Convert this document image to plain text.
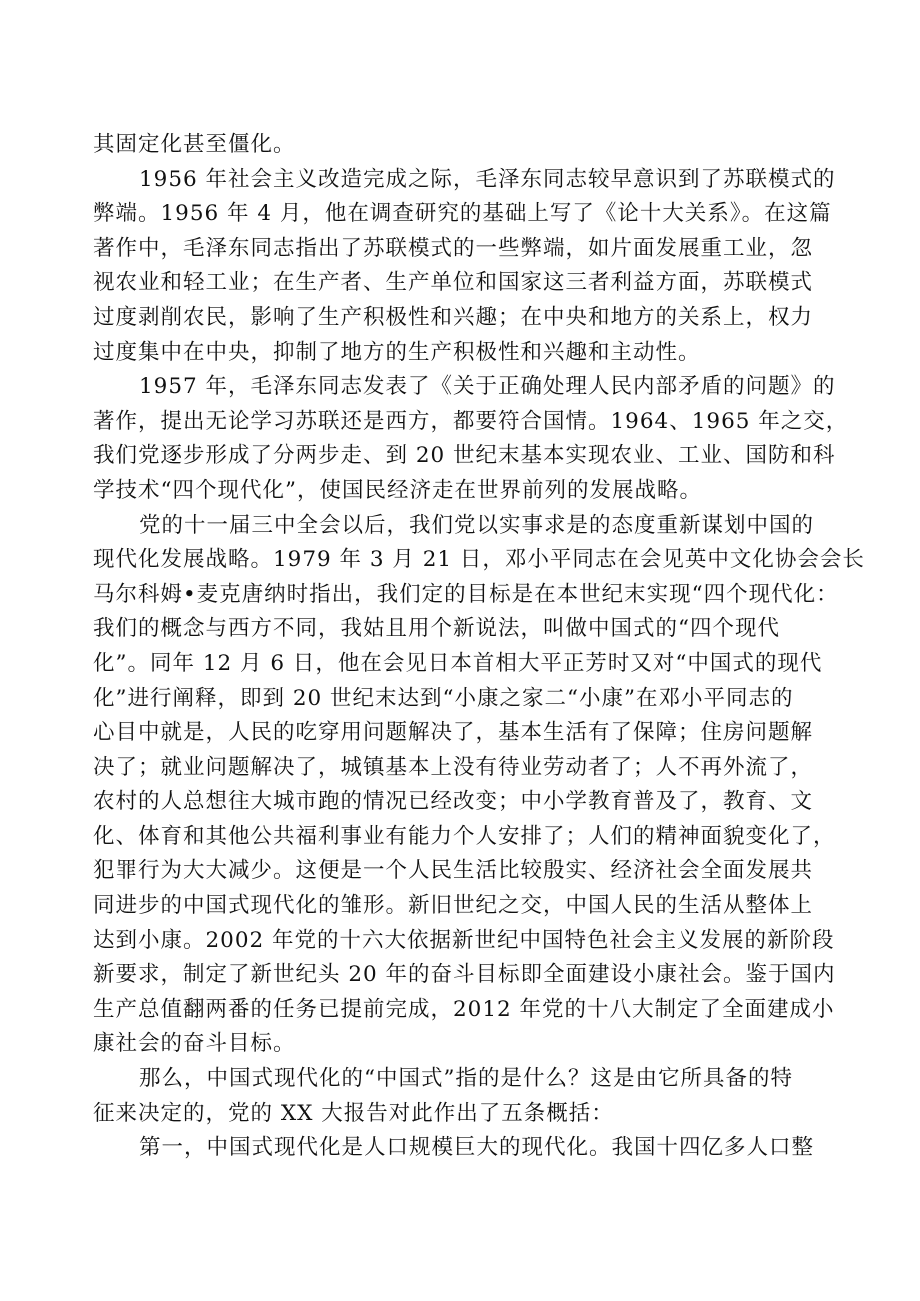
其固定化甚至僵化。
1956 年社会主义改造完成之际，毛泽东同志较早意识到了苏联模式的
弊端。1956 年 4 月，他在调查研究的基础上写了《论十大关系》。在这篇
著作中，毛泽东同志指出了苏联模式的一些弊端，如片面发展重工业，忽
视农业和轻工业；在生产者、生产单位和国家这三者利益方面，苏联模式
过度剥削农民，影响了生产积极性和兴趣；在中央和地方的关系上，权力
过度集中在中央，抑制了地方的生产积极性和兴趣和主动性。
1957 年，毛泽东同志发表了《关于正确处理人民内部矛盾的问题》的
著作，提出无论学习苏联还是西方，都要符合国情。1964、1965 年之交，
我们党逐步形成了分两步走、到 20 世纪末基本实现农业、工业、国防和科
学技术“四个现代化”，使国民经济走在世界前列的发展战略。
党的十一届三中全会以后，我们党以实事求是的态度重新谋划中国的
现代化发展战略。1979 年 3 月 21 日，邓小平同志在会见英中文化协会会长
马尔科姆•麦克唐纳时指出，我们定的目标是在本世纪末实现“四个现代化：
我们的概念与西方不同，我姑且用个新说法，叫做中国式的“四个现代
化”。同年 12 月 6 日，他在会见日本首相大平正芳时又对“中国式的现代
化”进行阐释，即到 20 世纪末达到“小康之家二“小康”在邓小平同志的
心目中就是，人民的吃穿用问题解决了，基本生活有了保障；住房问题解
决了；就业问题解决了，城镇基本上没有待业劳动者了；人不再外流了，
农村的人总想往大城市跑的情况已经改变；中小学教育普及了，教育、文
化、体育和其他公共福利事业有能力个人安排了；人们的精神面貌变化了，
犯罪行为大大减少。这便是一个人民生活比较殷实、经济社会全面发展共
同进步的中国式现代化的雏形。新旧世纪之交，中国人民的生活从整体上
达到小康。2002 年党的十六大依据新世纪中国特色社会主义发展的新阶段
新要求，制定了新世纪头 20 年的奋斗目标即全面建设小康社会。鉴于国内
生产总值翻两番的任务已提前完成，2012 年党的十八大制定了全面建成小
康社会的奋斗目标。
那么，中国式现代化的“中国式”指的是什么？这是由它所具备的特
征来决定的，党的 XX 大报告对此作出了五条概括：
第一，中国式现代化是人口规模巨大的现代化。我国十四亿多人口整
